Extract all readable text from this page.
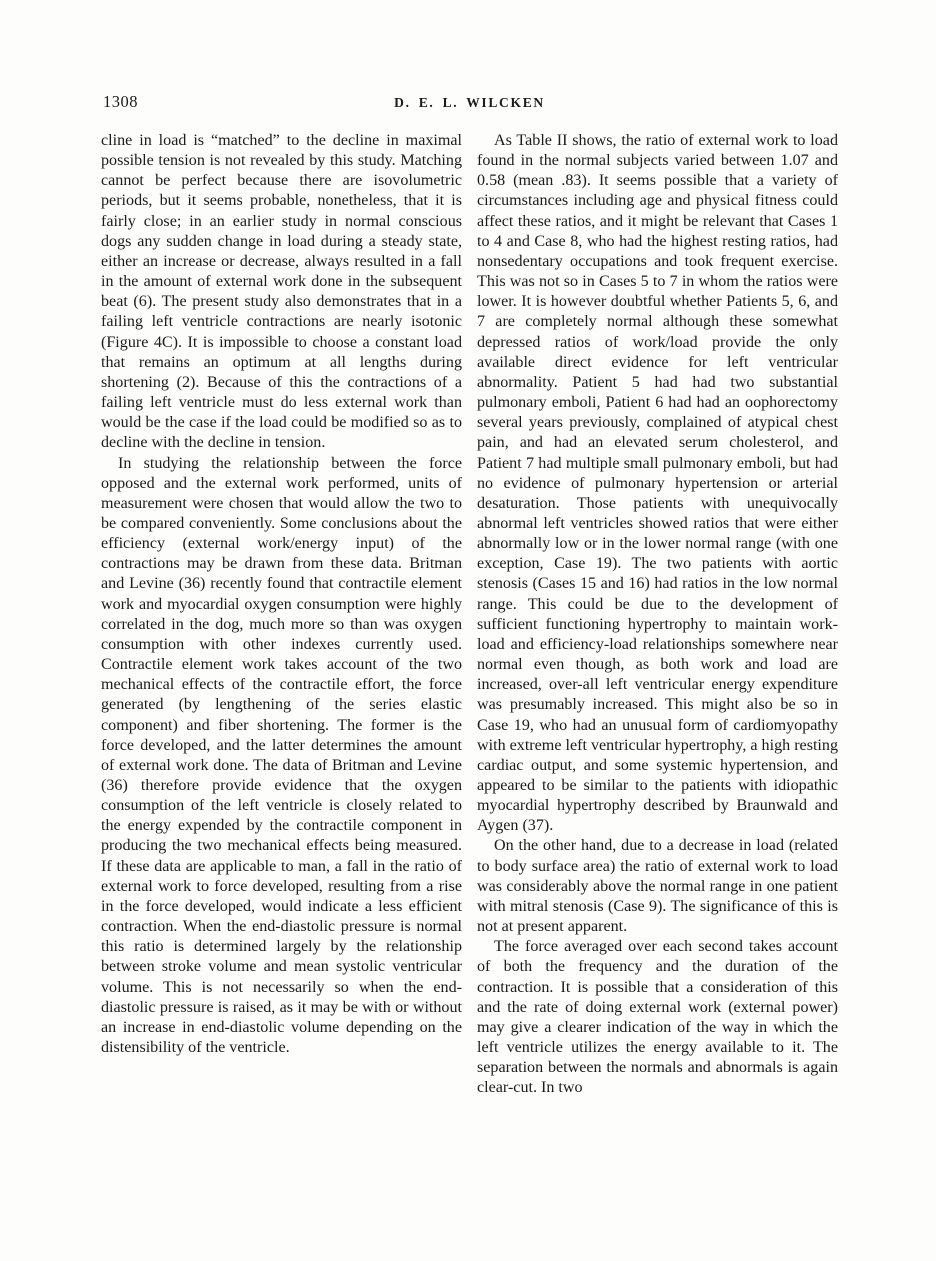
1308	D. E. L. WILCKEN

cline in load is “matched” to the decline in maximal possible tension is not revealed by this study. Matching cannot be perfect because there are isovolumetric periods, but it seems probable, nonetheless, that it is fairly close; in an earlier study in normal conscious dogs any sudden change in load during a steady state, either an increase or decrease, always resulted in a fall in the amount of external work done in the subsequent beat (6). The present study also demonstrates that in a failing left ventricle contractions are nearly isotonic (Figure 4C). It is impossible to choose a constant load that remains an optimum at all lengths during shortening (2). Because of this the contractions of a failing left ventricle must do less external work than would be the case if the load could be modified so as to decline with the decline in tension.

In studying the relationship between the force opposed and the external work performed, units of measurement were chosen that would allow the two to be compared conveniently. Some conclusions about the efficiency (external work/energy input) of the contractions may be drawn from these data. Britman and Levine (36) recently found that contractile element work and myocardial oxygen consumption were highly correlated in the dog, much more so than was oxygen consumption with other indexes currently used. Contractile element work takes account of the two mechanical effects of the contractile effort, the force generated (by lengthening of the series elastic component) and fiber shortening. The former is the force developed, and the latter determines the amount of external work done. The data of Britman and Levine (36) therefore provide evidence that the oxygen consumption of the left ventricle is closely related to the energy expended by the contractile component in producing the two mechanical effects being measured. If these data are applicable to man, a fall in the ratio of external work to force developed, resulting from a rise in the force developed, would indicate a less efficient contraction. When the end-diastolic pressure is normal this ratio is determined largely by the relationship between stroke volume and mean systolic ventricular volume. This is not necessarily so when the end-diastolic pressure is raised, as it may be with or without an increase in end-diastolic volume depending on the distensibility of the ventricle.

As Table II shows, the ratio of external work to load found in the normal subjects varied between 1.07 and 0.58 (mean .83). It seems possible that a variety of circumstances including age and physical fitness could affect these ratios, and it might be relevant that Cases 1 to 4 and Case 8, who had the highest resting ratios, had nonsedentary occupations and took frequent exercise. This was not so in Cases 5 to 7 in whom the ratios were lower. It is however doubtful whether Patients 5, 6, and 7 are completely normal although these somewhat depressed ratios of work/load provide the only available direct evidence for left ventricular abnormality. Patient 5 had had two substantial pulmonary emboli, Patient 6 had had an oophorectomy several years previously, complained of atypical chest pain, and had an elevated serum cholesterol, and Patient 7 had multiple small pulmonary emboli, but had no evidence of pulmonary hypertension or arterial desaturation. Those patients with unequivocally abnormal left ventricles showed ratios that were either abnormally low or in the lower normal range (with one exception, Case 19). The two patients with aortic stenosis (Cases 15 and 16) had ratios in the low normal range. This could be due to the development of sufficient functioning hypertrophy to maintain work-load and efficiency-load relationships somewhere near normal even though, as both work and load are increased, over-all left ventricular energy expenditure was presumably increased. This might also be so in Case 19, who had an unusual form of cardiomyopathy with extreme left ventricular hypertrophy, a high resting cardiac output, and some systemic hypertension, and appeared to be similar to the patients with idiopathic myocardial hypertrophy described by Braunwald and Aygen (37).

On the other hand, due to a decrease in load (related to body surface area) the ratio of external work to load was considerably above the normal range in one patient with mitral stenosis (Case 9). The significance of this is not at present apparent.

The force averaged over each second takes account of both the frequency and the duration of the contraction. It is possible that a consideration of this and the rate of doing external work (external power) may give a clearer indication of the way in which the left ventricle utilizes the energy available to it. The separation between the normals and abnormals is again clear-cut. In two
